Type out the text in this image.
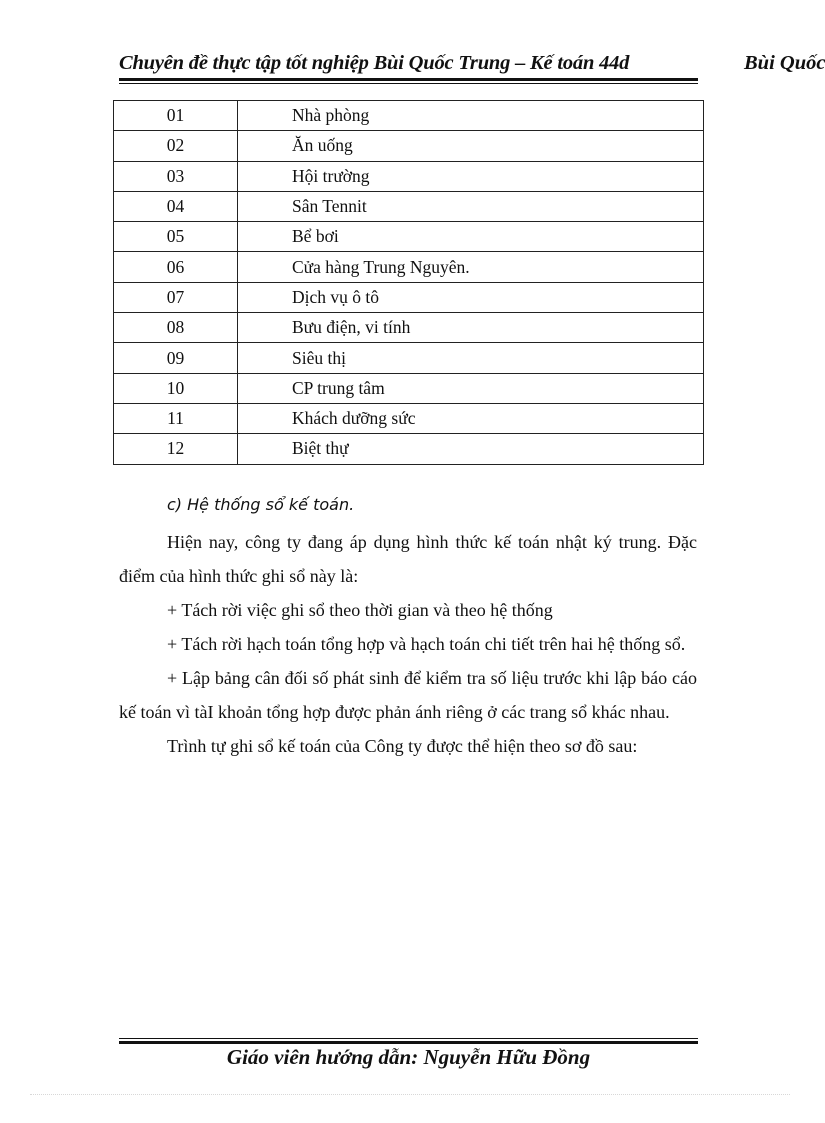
Chuyên đề thực tập tốt nghiệp Bùi Quốc Trung – Kế toán 44d	Bùi Quốc
01	Nhà phòng
02	Ăn uống
03	Hội trường
04	Sân Tennit
05	Bể bơi
06	Cửa hàng Trung Nguyên.
07	Dịch vụ ô tô
08	Bưu điện, vi tính
09	Siêu thị
10	CP trung tâm
11	Khách dưỡng sức
12	Biệt thự
c) Hệ thống sổ kế toán.

Hiện nay, công ty đang áp dụng hình thức kế toán nhật ký trung. Đặc điểm của hình thức ghi sổ này là:

+ Tách rời việc ghi sổ theo thời gian và theo hệ thống

+ Tách rời hạch toán tổng hợp và hạch toán chi tiết trên hai hệ thống sổ.

+ Lập bảng cân đối số phát sinh để kiểm tra số liệu trước khi lập báo cáo kế toán vì tàI khoản tổng hợp được phản ánh riêng ở các trang sổ khác nhau.

Trình tự ghi sổ kế toán của Công ty được thể hiện theo sơ đồ sau:

Giáo viên hướng dẫn: Nguyễn Hữu Đồng
